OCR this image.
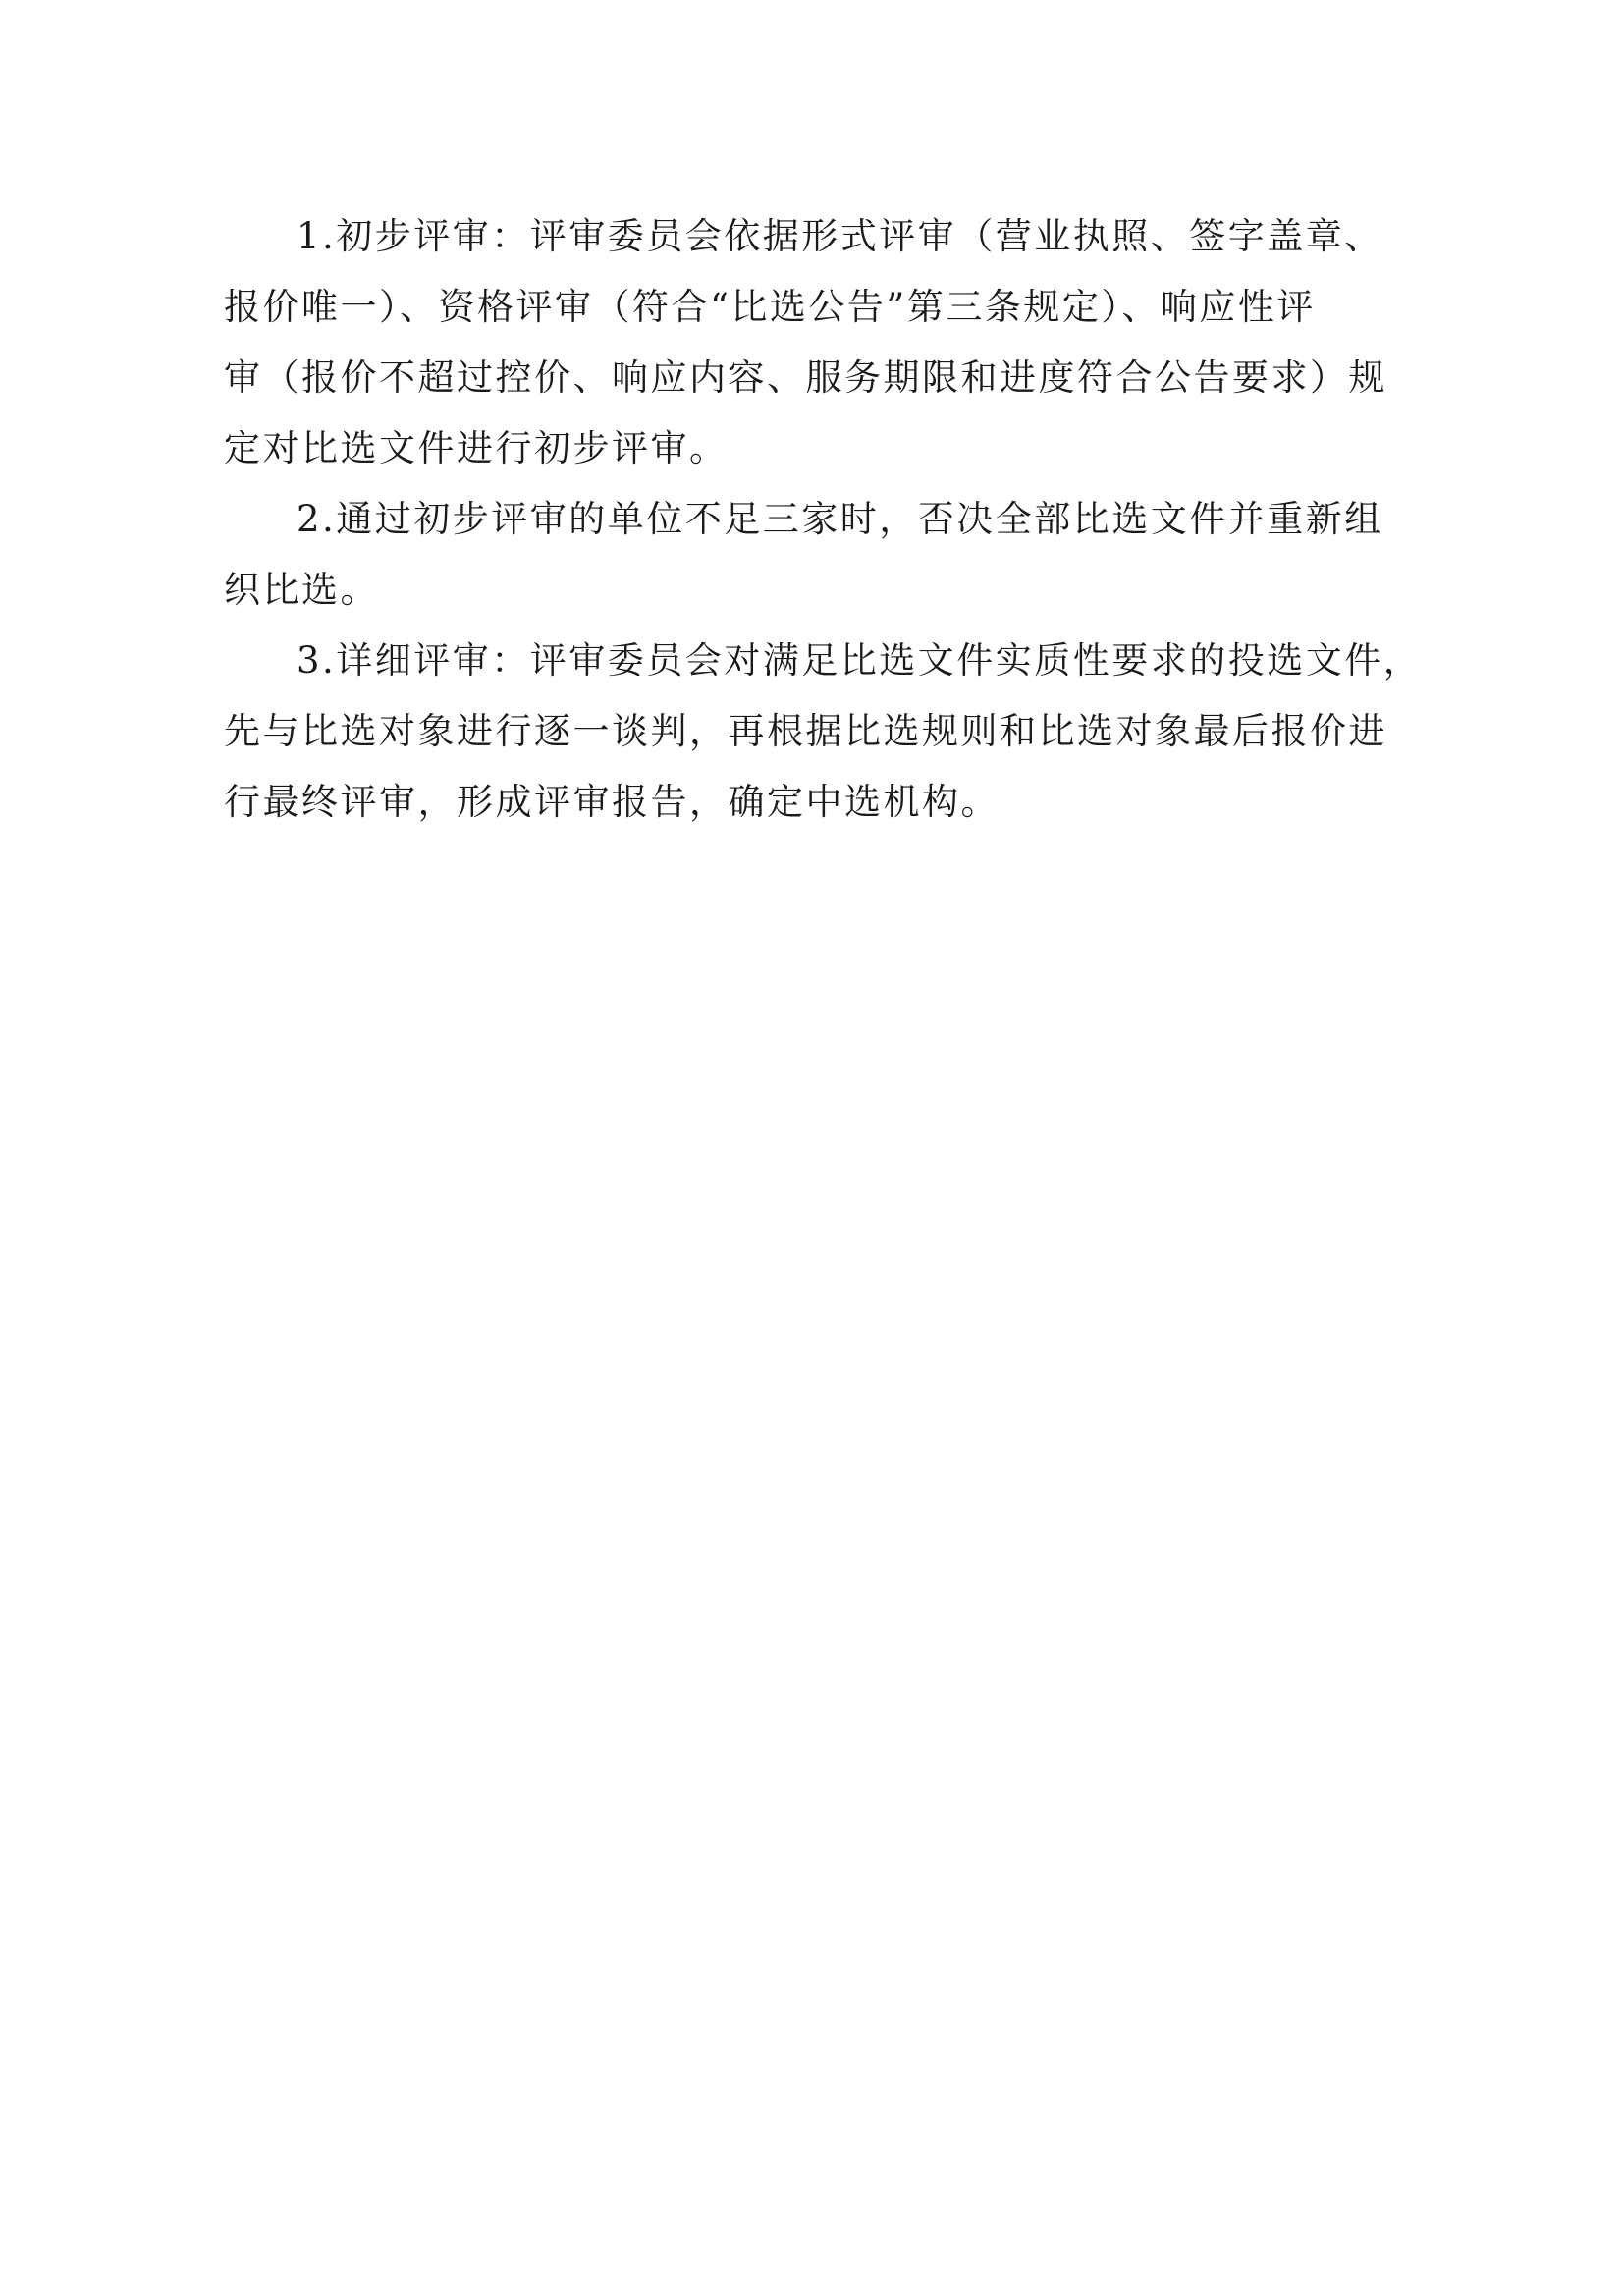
1.初步评审：评审委员会依据形式评审（营业执照、签字盖章、
报价唯一）、资格评审（符合“比选公告”第三条规定）、响应性评
审（报价不超过控价、响应内容、服务期限和进度符合公告要求）规
定对比选文件进行初步评审。

2.通过初步评审的单位不足三家时，否决全部比选文件并重新组
织比选。

3.详细评审：评审委员会对满足比选文件实质性要求的投选文件，
先与比选对象进行逐一谈判，再根据比选规则和比选对象最后报价进
行最终评审，形成评审报告，确定中选机构。
